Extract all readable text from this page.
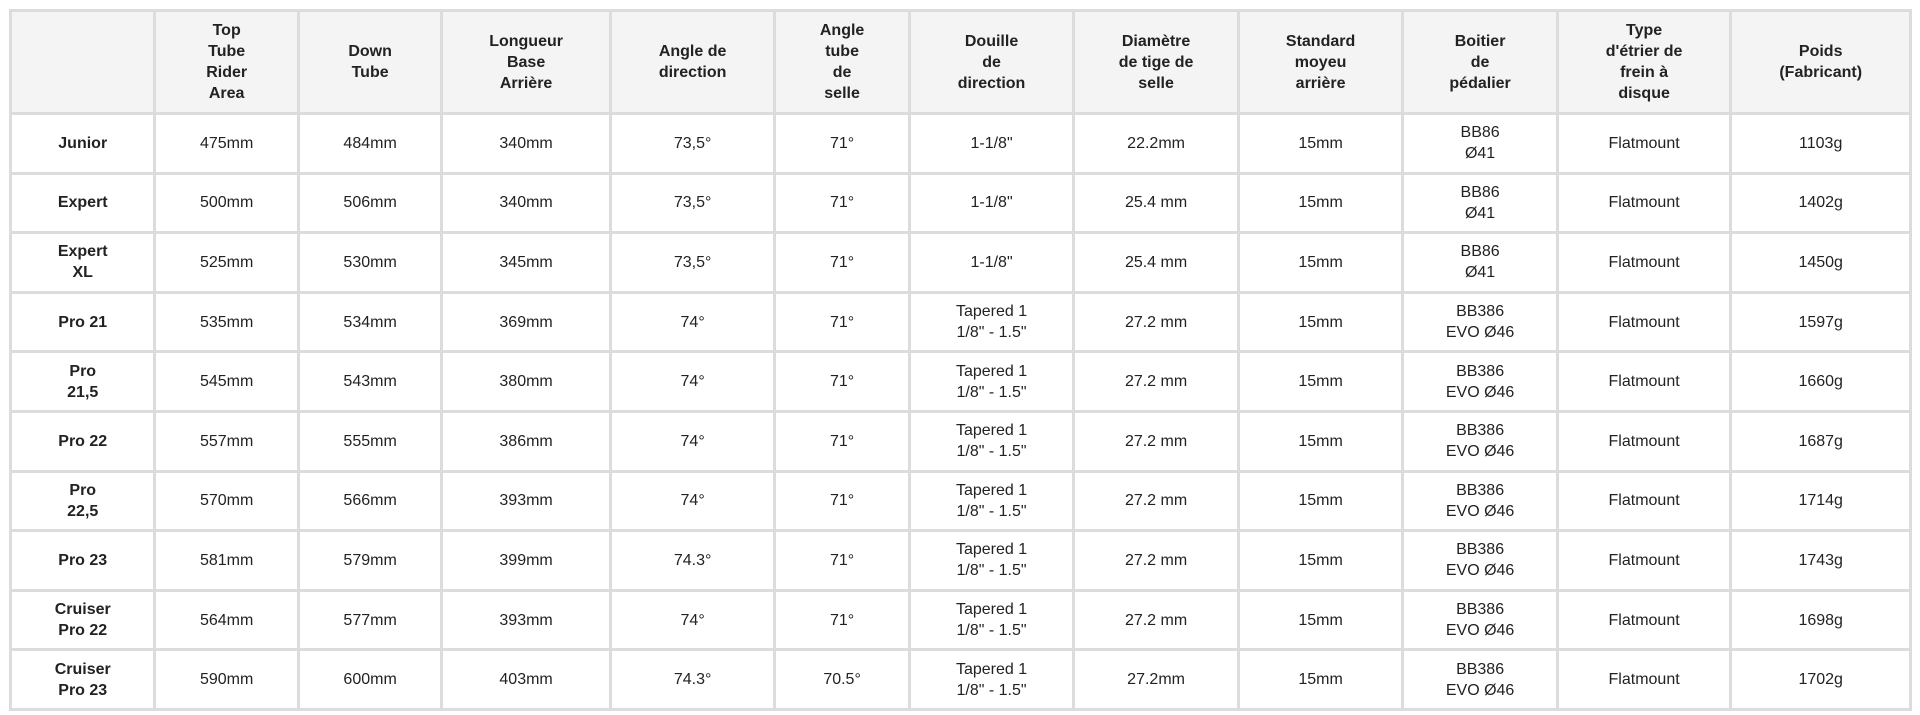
	Top
Tube
Rider
Area	Down
Tube	Longueur
Base
Arrière	Angle de
direction	Angle
tube
de
selle	Douille
de
direction	Diamètre
de tige de
selle	Standard
moyeu
arrière	Boitier
de
pédalier	Type
d'étrier de
frein à
disque	Poids
(Fabricant)
Junior	475mm	484mm	340mm	73,5°	71°	1-1/8"	22.2mm	15mm	BB86
Ø41	Flatmount	1103g
Expert	500mm	506mm	340mm	73,5°	71°	1-1/8"	25.4 mm	15mm	BB86
Ø41	Flatmount	1402g
Expert
XL	525mm	530mm	345mm	73,5°	71°	1-1/8"	25.4 mm	15mm	BB86
Ø41	Flatmount	1450g
Pro 21	535mm	534mm	369mm	74°	71°	Tapered 1
1/8" - 1.5"	27.2 mm	15mm	BB386
EVO Ø46	Flatmount	1597g
Pro
21,5	545mm	543mm	380mm	74°	71°	Tapered 1
1/8" - 1.5"	27.2 mm	15mm	BB386
EVO Ø46	Flatmount	1660g
Pro 22	557mm	555mm	386mm	74°	71°	Tapered 1
1/8" - 1.5"	27.2 mm	15mm	BB386
EVO Ø46	Flatmount	1687g
Pro
22,5	570mm	566mm	393mm	74°	71°	Tapered 1
1/8" - 1.5"	27.2 mm	15mm	BB386
EVO Ø46	Flatmount	1714g
Pro 23	581mm	579mm	399mm	74.3°	71°	Tapered 1
1/8" - 1.5"	27.2 mm	15mm	BB386
EVO Ø46	Flatmount	1743g
Cruiser
Pro 22	564mm	577mm	393mm	74°	71°	Tapered 1
1/8" - 1.5"	27.2 mm	15mm	BB386
EVO Ø46	Flatmount	1698g
Cruiser
Pro 23	590mm	600mm	403mm	74.3°	70.5°	Tapered 1
1/8" - 1.5"	27.2mm	15mm	BB386
EVO Ø46	Flatmount	1702g
